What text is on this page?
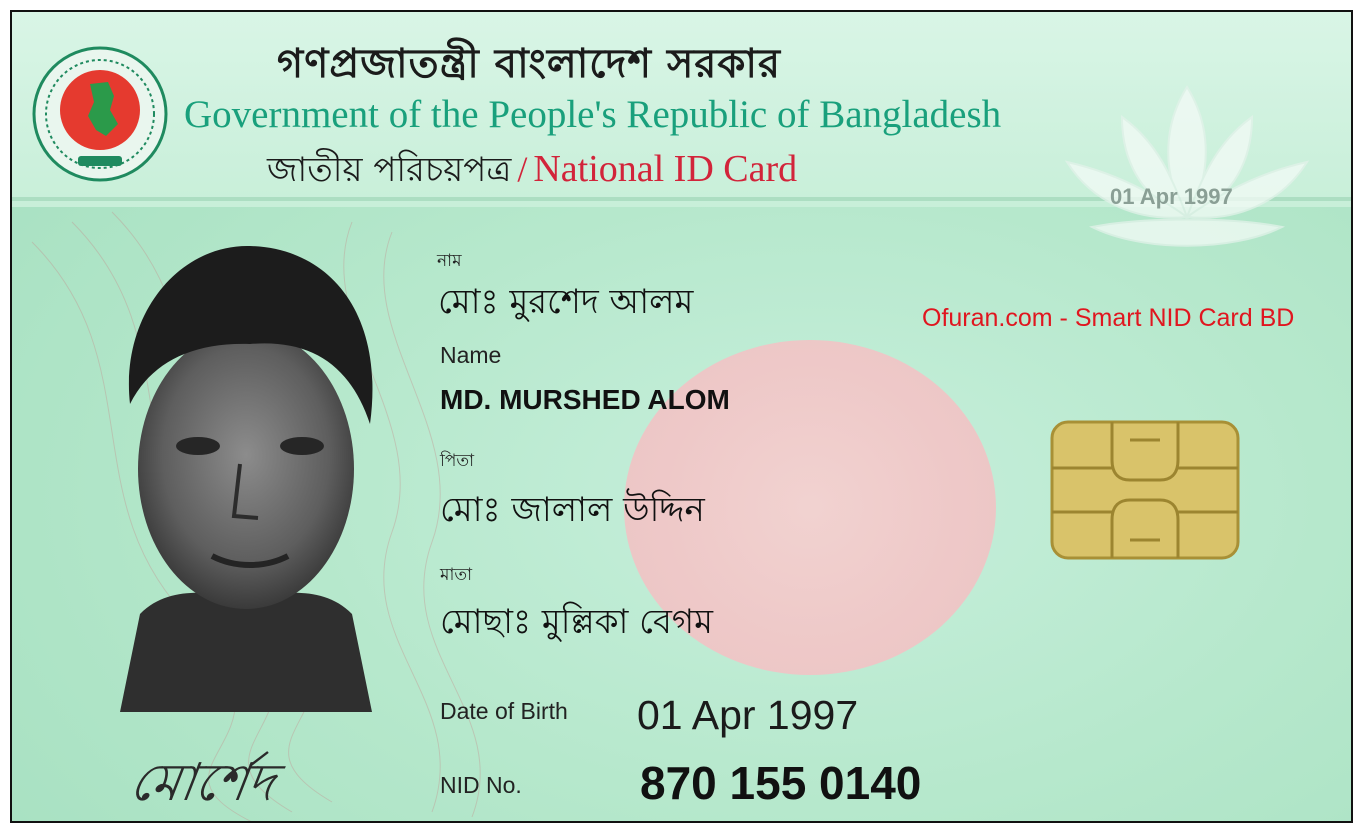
গণপ্রজাতন্ত্রী বাংলাদেশ সরকার
Government of the People's Republic of Bangladesh
জাতীয় পরিচয়পত্র / National ID Card
01 Apr 1997
Ofuran.com - Smart NID Card BD
নাম
মোঃ মুরশেদ আলম
Name
MD. MURSHED ALOM
পিতা
মোঃ জালাল উদ্দিন
মাতা
মোছাঃ মুল্লিকা বেগম
Date of Birth 01 Apr 1997
NID No.	870 155 0140
মোর্শেদ
